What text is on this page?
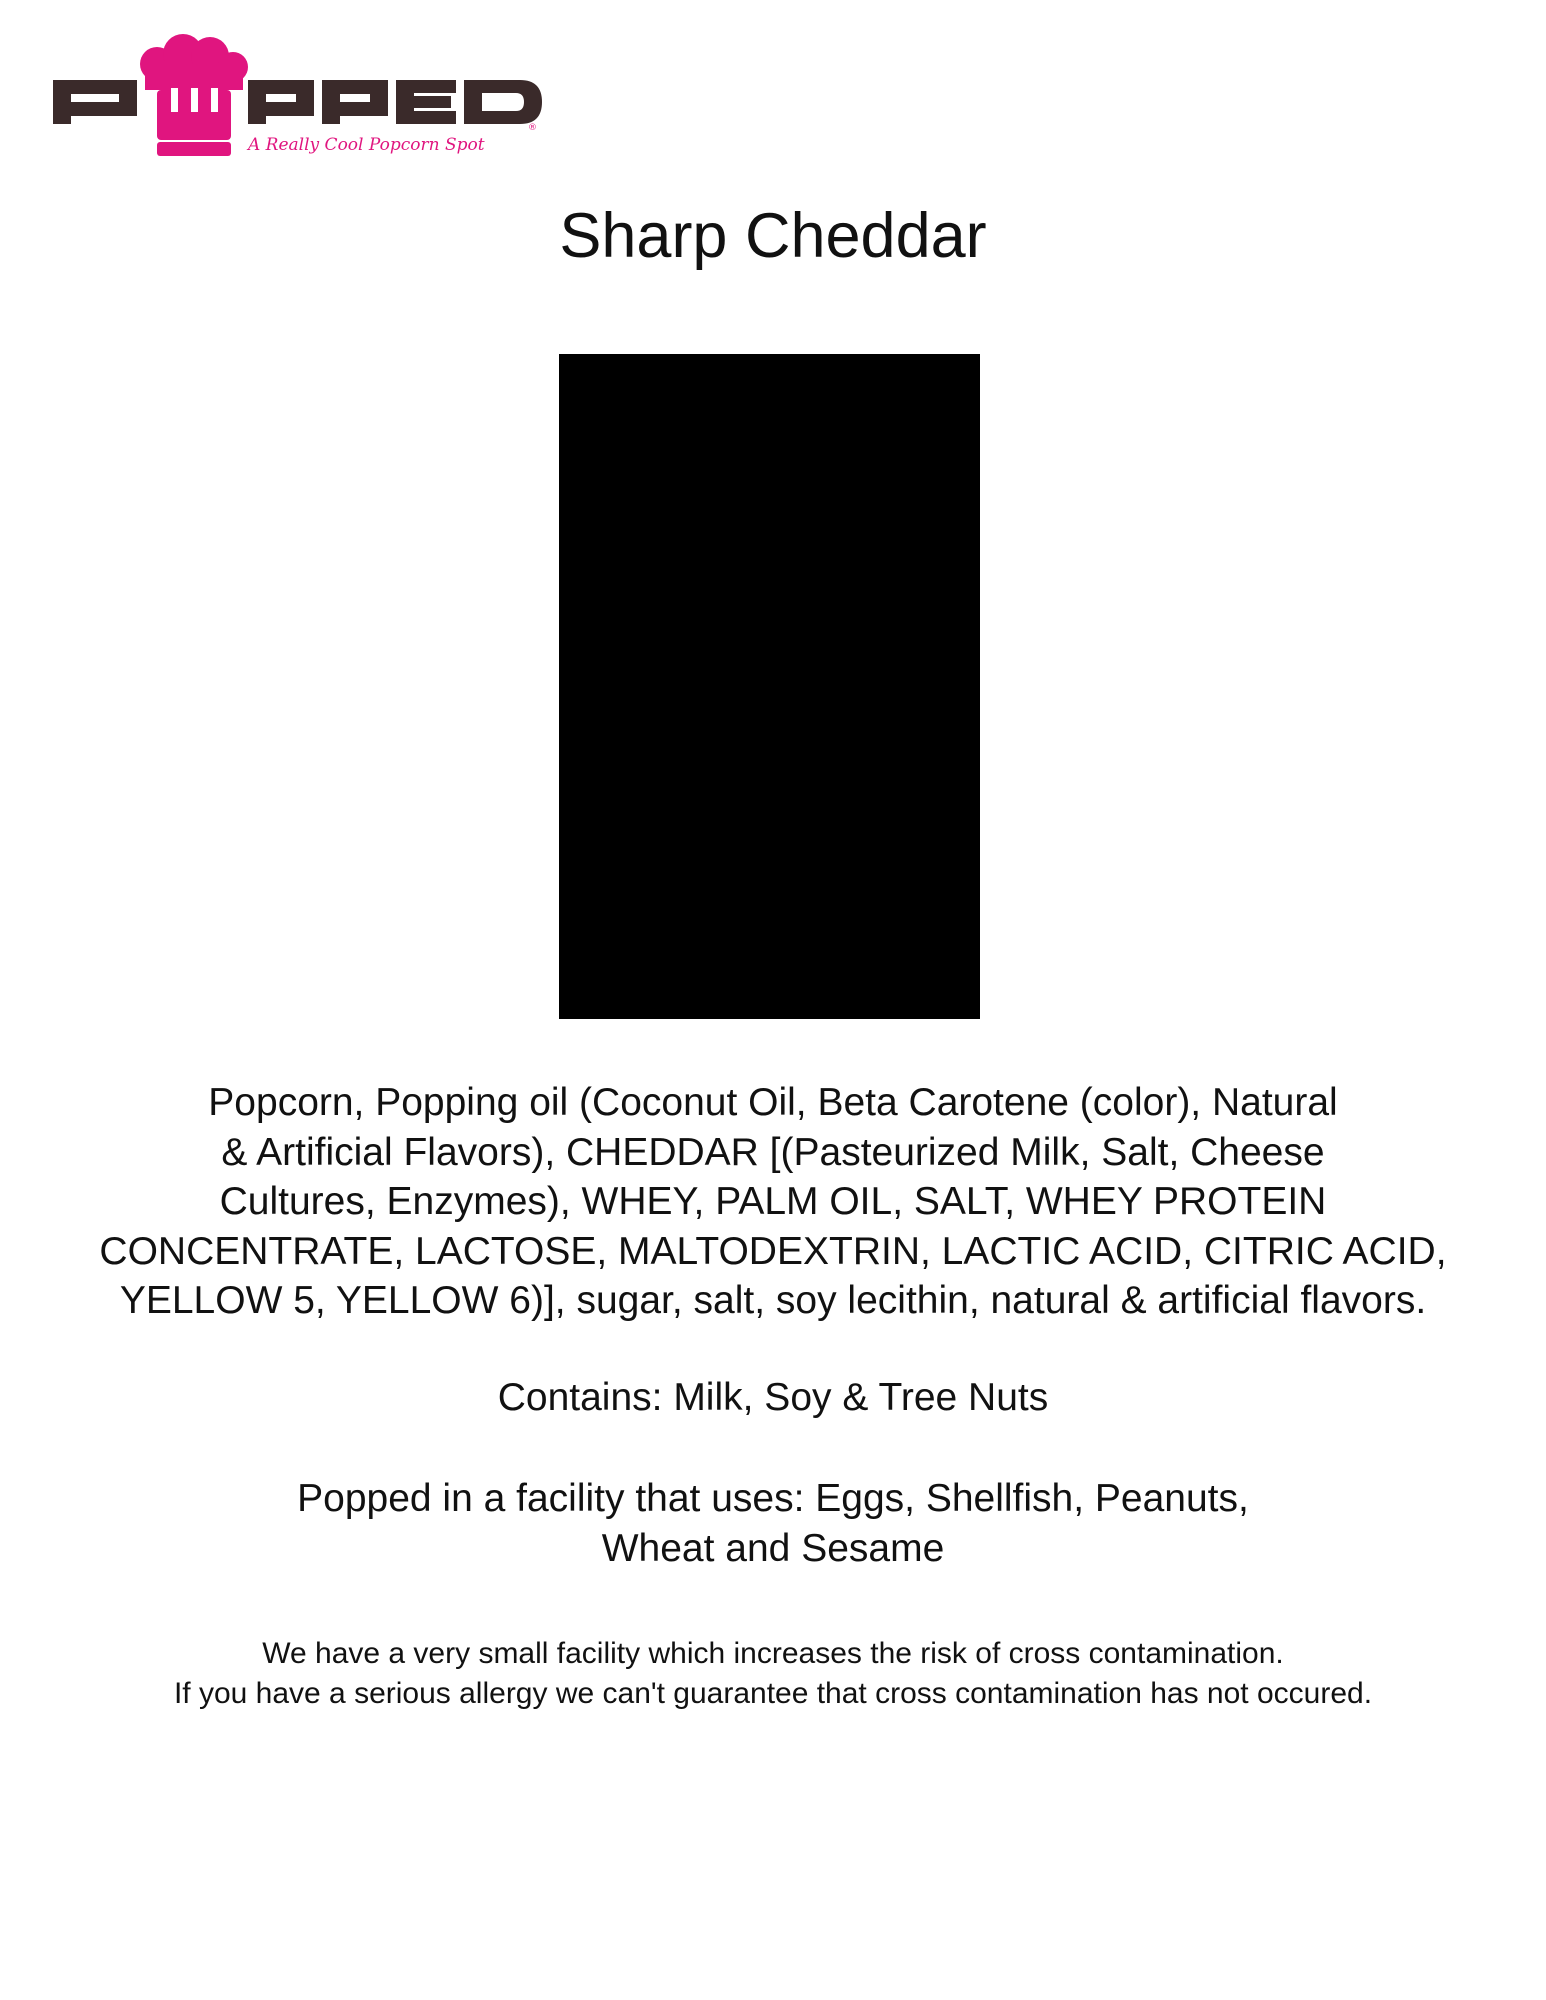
A Really Cool Popcorn Spot
®
Sharp Cheddar

Popcorn, Popping oil (Coconut Oil, Beta Carotene (color), Natural
& Artificial Flavors), CHEDDAR [(Pasteurized Milk, Salt, Cheese
Cultures, Enzymes), WHEY, PALM OIL, SALT, WHEY PROTEIN
CONCENTRATE, LACTOSE, MALTODEXTRIN, LACTIC ACID, CITRIC ACID,
YELLOW 5, YELLOW 6)], sugar, salt, soy lecithin, natural & artificial flavors.

Contains: Milk, Soy & Tree Nuts

Popped in a facility that uses: Eggs, Shellfish, Peanuts,
Wheat and Sesame

We have a very small facility which increases the risk of cross contamination.
If you have a serious allergy we can't guarantee that cross contamination has not occured.
